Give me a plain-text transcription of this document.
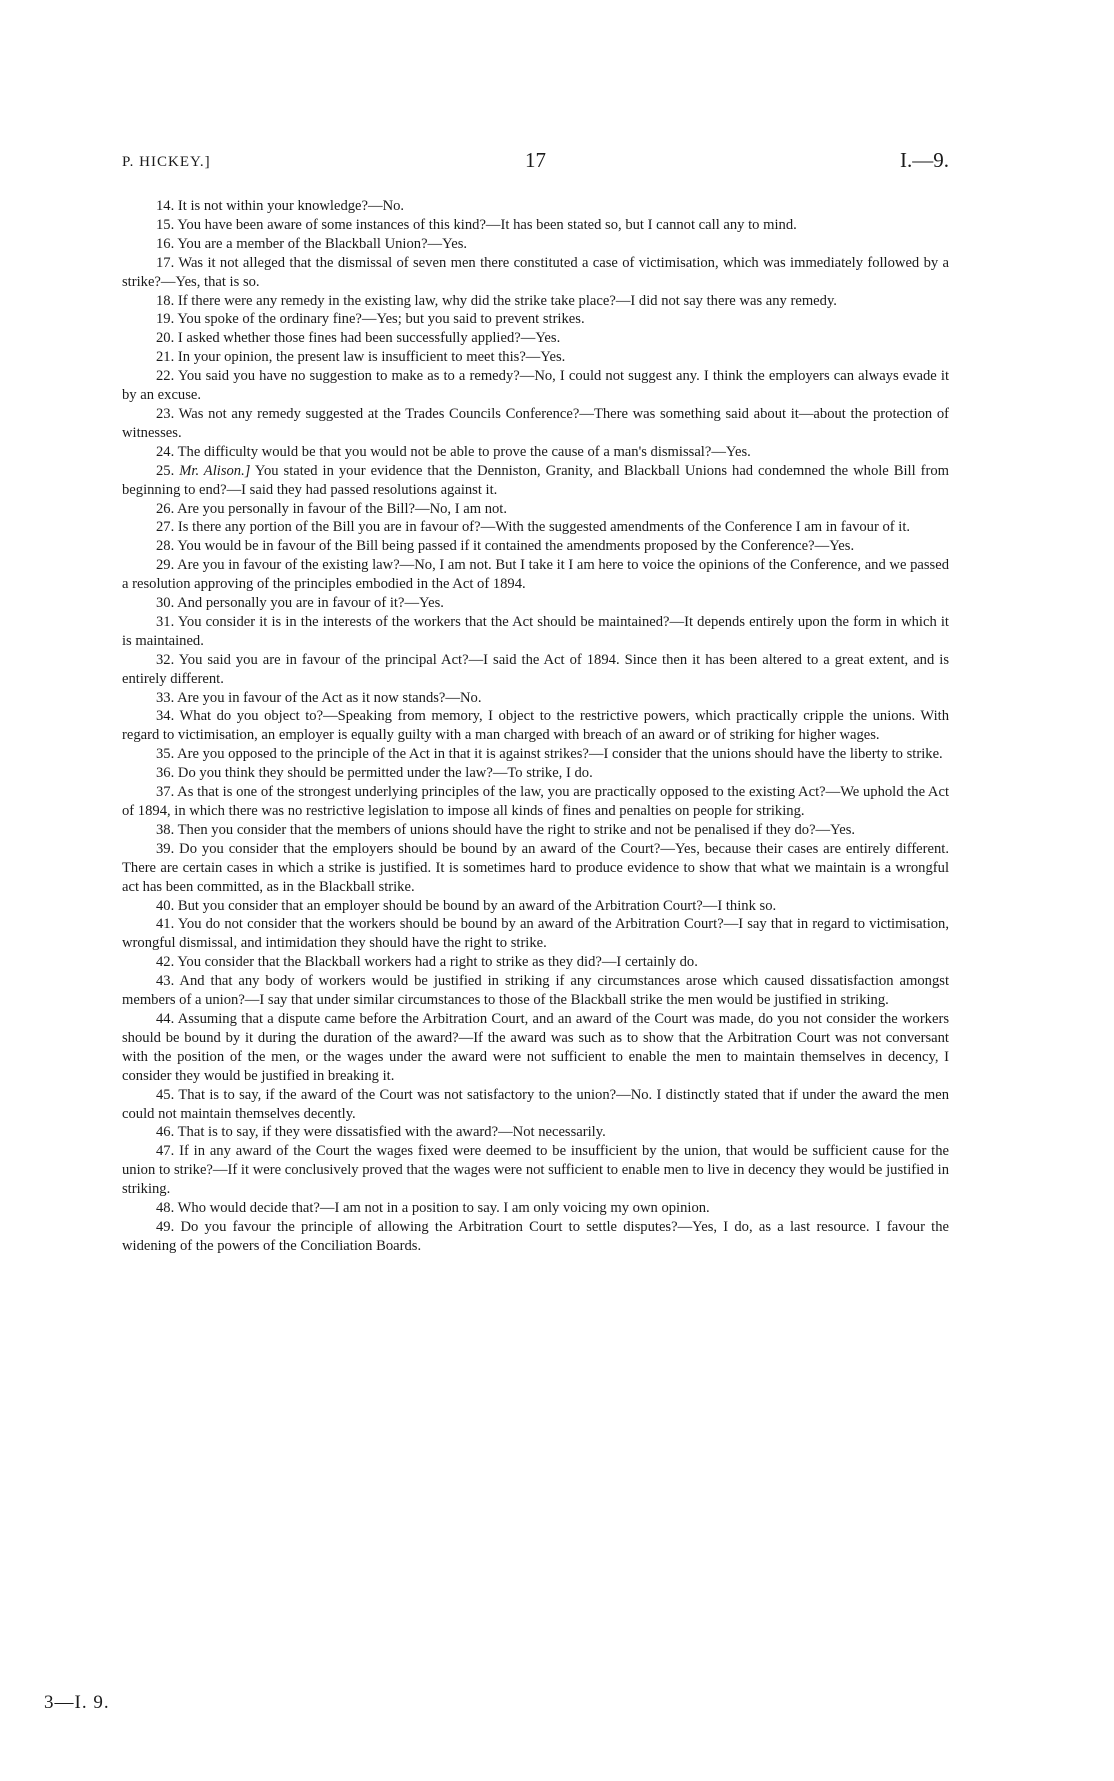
P. HICKEY.]	17	I.—9.

14. It is not within your knowledge?—No.

15. You have been aware of some instances of this kind?—It has been stated so, but I cannot call any to mind.

16. You are a member of the Blackball Union?—Yes.

17. Was it not alleged that the dismissal of seven men there constituted a case of victimisation, which was immediately followed by a strike?—Yes, that is so.

18. If there were any remedy in the existing law, why did the strike take place?—I did not say there was any remedy.

19. You spoke of the ordinary fine?—Yes; but you said to prevent strikes.

20. I asked whether those fines had been successfully applied?—Yes.

21. In your opinion, the present law is insufficient to meet this?—Yes.

22. You said you have no suggestion to make as to a remedy?—No, I could not suggest any. I think the employers can always evade it by an excuse.

23. Was not any remedy suggested at the Trades Councils Conference?—There was something said about it—about the protection of witnesses.

24. The difficulty would be that you would not be able to prove the cause of a man's dismissal?—Yes.

25. Mr. Alison.] You stated in your evidence that the Denniston, Granity, and Blackball Unions had condemned the whole Bill from beginning to end?—I said they had passed resolutions against it.

26. Are you personally in favour of the Bill?—No, I am not.

27. Is there any portion of the Bill you are in favour of?—With the suggested amendments of the Conference I am in favour of it.

28. You would be in favour of the Bill being passed if it contained the amendments proposed by the Conference?—Yes.

29. Are you in favour of the existing law?—No, I am not. But I take it I am here to voice the opinions of the Conference, and we passed a resolution approving of the principles embodied in the Act of 1894.

30. And personally you are in favour of it?—Yes.

31. You consider it is in the interests of the workers that the Act should be maintained?—It depends entirely upon the form in which it is maintained.

32. You said you are in favour of the principal Act?—I said the Act of 1894. Since then it has been altered to a great extent, and is entirely different.

33. Are you in favour of the Act as it now stands?—No.

34. What do you object to?—Speaking from memory, I object to the restrictive powers, which practically cripple the unions. With regard to victimisation, an employer is equally guilty with a man charged with breach of an award or of striking for higher wages.

35. Are you opposed to the principle of the Act in that it is against strikes?—I consider that the unions should have the liberty to strike.

36. Do you think they should be permitted under the law?—To strike, I do.

37. As that is one of the strongest underlying principles of the law, you are practically opposed to the existing Act?—We uphold the Act of 1894, in which there was no restrictive legislation to impose all kinds of fines and penalties on people for striking.

38. Then you consider that the members of unions should have the right to strike and not be penalised if they do?—Yes.

39. Do you consider that the employers should be bound by an award of the Court?—Yes, because their cases are entirely different. There are certain cases in which a strike is justified. It is sometimes hard to produce evidence to show that what we maintain is a wrongful act has been committed, as in the Blackball strike.

40. But you consider that an employer should be bound by an award of the Arbitration Court?—I think so.

41. You do not consider that the workers should be bound by an award of the Arbitration Court?—I say that in regard to victimisation, wrongful dismissal, and intimidation they should have the right to strike.

42. You consider that the Blackball workers had a right to strike as they did?—I certainly do.

43. And that any body of workers would be justified in striking if any circumstances arose which caused dissatisfaction amongst members of a union?—I say that under similar circumstances to those of the Blackball strike the men would be justified in striking.

44. Assuming that a dispute came before the Arbitration Court, and an award of the Court was made, do you not consider the workers should be bound by it during the duration of the award?—If the award was such as to show that the Arbitration Court was not conversant with the position of the men, or the wages under the award were not sufficient to enable the men to maintain themselves in decency, I consider they would be justified in breaking it.

45. That is to say, if the award of the Court was not satisfactory to the union?—No. I distinctly stated that if under the award the men could not maintain themselves decently.

46. That is to say, if they were dissatisfied with the award?—Not necessarily.

47. If in any award of the Court the wages fixed were deemed to be insufficient by the union, that would be sufficient cause for the union to strike?—If it were conclusively proved that the wages were not sufficient to enable men to live in decency they would be justified in striking.

48. Who would decide that?—I am not in a position to say. I am only voicing my own opinion.

49. Do you favour the principle of allowing the Arbitration Court to settle disputes?—Yes, I do, as a last resource. I favour the widening of the powers of the Conciliation Boards.

3—I. 9.
